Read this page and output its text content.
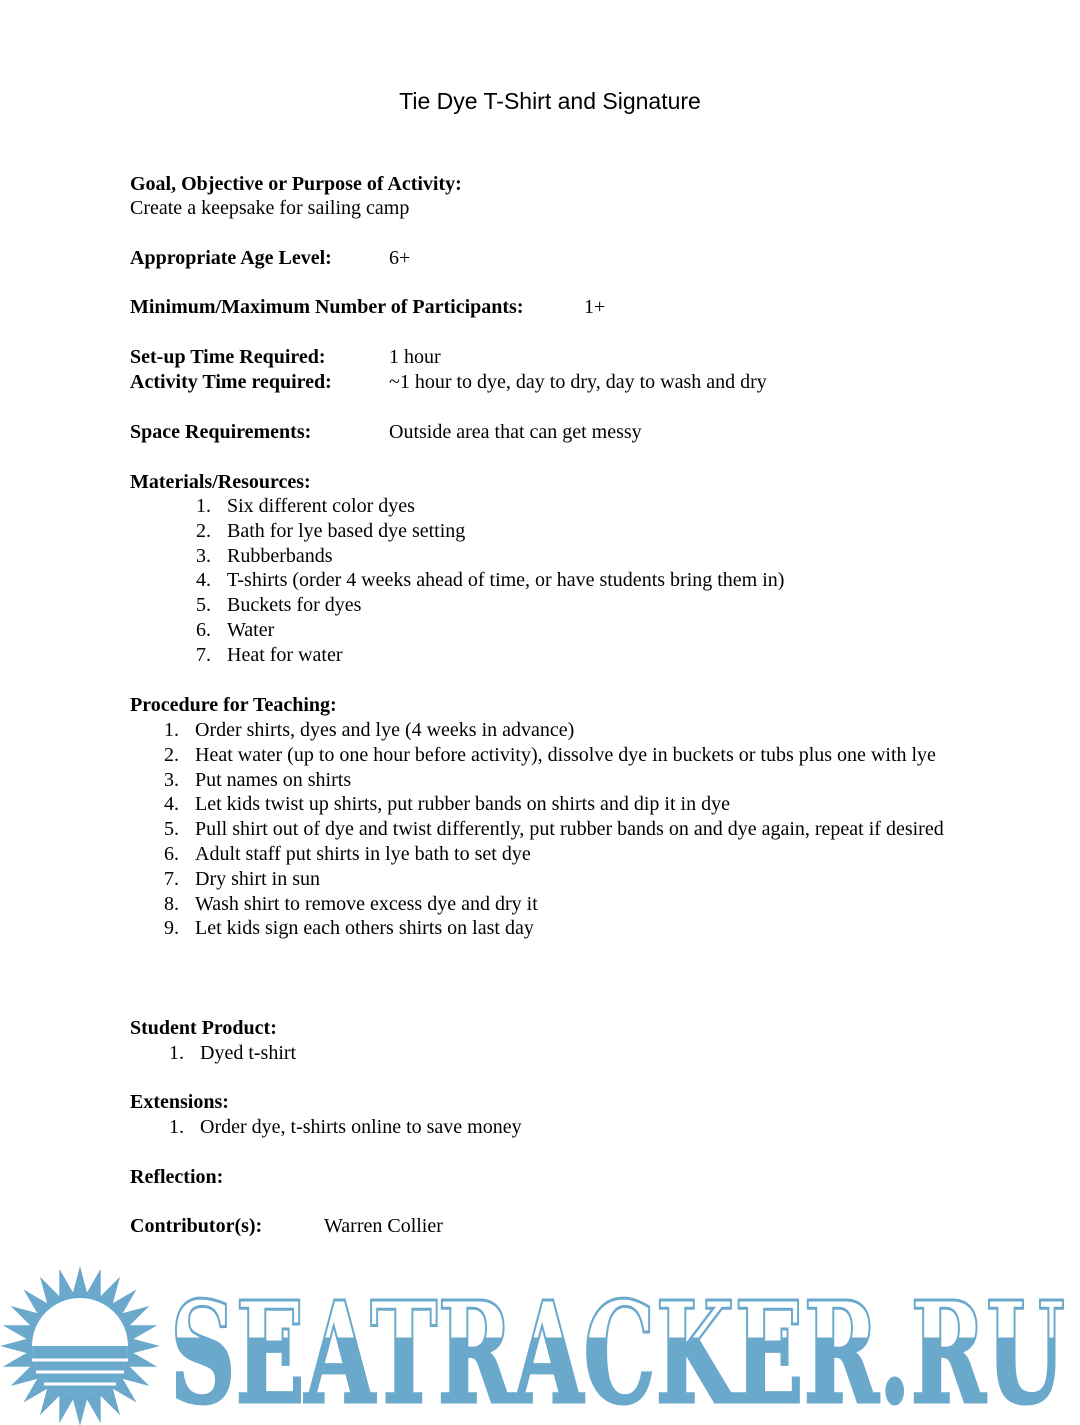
Tie Dye T-Shirt and Signature
Goal, Objective or Purpose of Activity:
Create a keepsake for sailing camp
Appropriate Age Level:	6+
Minimum/Maximum Number of Participants:	1+
Set-up Time Required:	1 hour
Activity Time required:	~1 hour to dye, day to dry, day to wash and dry
Space Requirements:	Outside area that can get messy
Materials/Resources:
1. Six different color dyes
2. Bath for lye based dye setting
3. Rubberbands
4. T-shirts (order 4 weeks ahead of time, or have students bring them in)
5. Buckets for dyes
6. Water
7. Heat for water
Procedure for Teaching:
1. Order shirts, dyes and lye (4 weeks in advance)
2. Heat water (up to one hour before activity), dissolve dye in buckets or tubs plus one with lye
3. Put names on shirts
4. Let kids twist up shirts, put rubber bands on shirts and dip it in dye
5. Pull shirt out of dye and twist differently, put rubber bands on and dye again, repeat if desired
6. Adult staff put shirts in lye bath to set dye
7. Dry shirt in sun
8. Wash shirt to remove excess dye and dry it
9. Let kids sign each others shirts on last day
Student Product:
1. Dyed t-shirt
Extensions:
1. Order dye, t-shirts online to save money
Reflection:
Contributor(s):	Warren Collier
SEATRACKER.RU
